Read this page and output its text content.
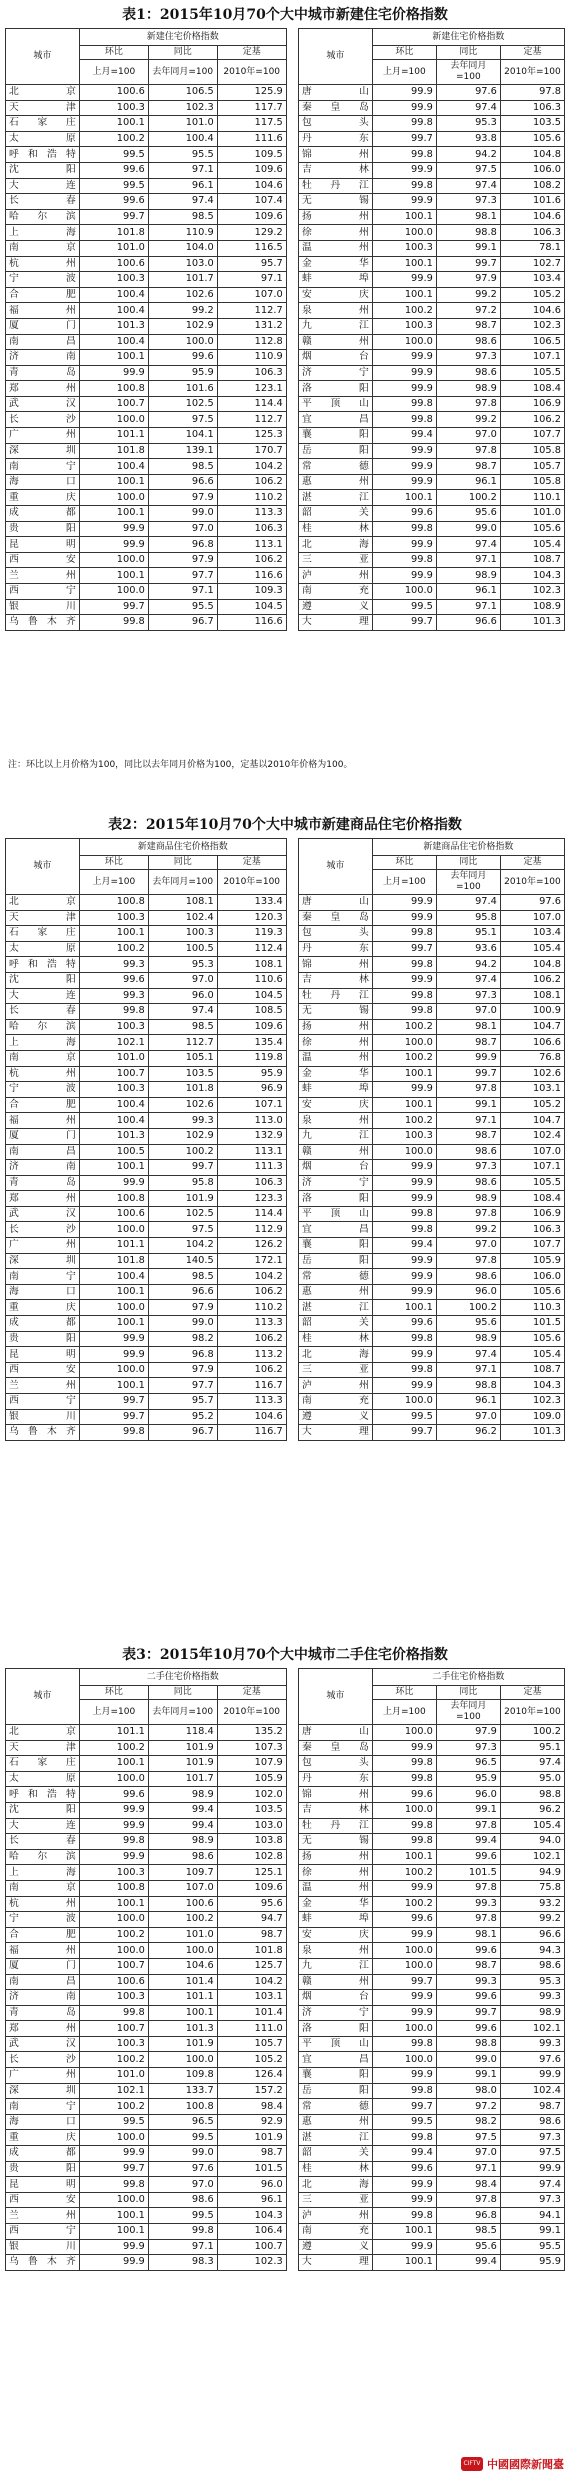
表1：2015年10月70个大中城市新建住宅价格指数
城市	新建住宅价格指数				城市	新建住宅价格指数		
	环比	同比	定基			环比	同比	定基
	上月=100	去年同月=100	2010年=100			上月=100	去年同月=100	2010年=100
北　　京	100.6	106.5	125.9		唐　　山	99.9	97.6	97.8
天　　津	100.3	102.3	117.7		秦 皇 岛	99.9	97.4	106.3
石 家 庄	100.1	101.0	117.5		包　　头	99.8	95.3	103.5
太　　原	100.2	100.4	111.6		丹　　东	99.7	93.8	105.6
呼和浩特	99.5	95.5	109.5		锦　　州	99.8	94.2	104.8
沈　　阳	99.6	97.1	109.6		吉　　林	99.9	97.5	106.0
大　　连	99.5	96.1	104.6		牡 丹 江	99.8	97.4	108.2
长　　春	99.6	97.4	107.4		无　　锡	99.9	97.3	101.6
哈 尔 滨	99.7	98.5	109.6		扬　　州	100.1	98.1	104.6
上　　海	101.8	110.9	129.2		徐　　州	100.0	98.8	106.3
南　　京	101.0	104.0	116.5		温　　州	100.3	99.1	78.1
杭　　州	100.6	103.0	95.7		金　　华	100.1	99.7	102.7
宁　　波	100.3	101.7	97.1		蚌　　埠	99.9	97.9	103.4
合　　肥	100.4	102.6	107.0		安　　庆	100.1	99.2	105.2
福　　州	100.4	99.2	112.7		泉　　州	100.2	97.2	104.6
厦　　门	101.3	102.9	131.2		九　　江	100.3	98.7	102.3
南　　昌	100.4	100.0	112.8		赣　　州	100.0	98.6	106.5
济　　南	100.1	99.6	110.9		烟　　台	99.9	97.3	107.1
青　　岛	99.9	95.9	106.3		济　　宁	99.9	98.6	105.5
郑　　州	100.8	101.6	123.1		洛　　阳	99.9	98.9	108.4
武　　汉	100.7	102.5	114.4		平 顶 山	99.8	97.8	106.9
长　　沙	100.0	97.5	112.7		宜　　昌	99.8	99.2	106.2
广　　州	101.1	104.1	125.3		襄　　阳	99.4	97.0	107.7
深　　圳	101.8	139.1	170.7		岳　　阳	99.9	97.8	105.8
南　　宁	100.4	98.5	104.2		常　　德	99.9	98.7	105.7
海　　口	100.1	96.6	106.2		惠　　州	99.9	96.1	105.8
重　　庆	100.0	97.9	110.2		湛　　江	100.1	100.2	110.1
成　　都	100.1	99.0	113.3		韶　　关	99.6	95.6	101.0
贵　　阳	99.9	97.0	106.3		桂　　林	99.8	99.0	105.6
昆　　明	99.9	96.8	113.1		北　　海	99.9	97.4	105.4
西　　安	100.0	97.9	106.2		三　　亚	99.8	97.1	108.7
兰　　州	100.1	97.7	116.6		泸　　州	99.9	98.9	104.3
西　　宁	100.0	97.1	109.3		南　　充	100.0	96.1	102.3
银　　川	99.7	95.5	104.5		遵　　义	99.5	97.1	108.9
乌鲁木齐	99.8	96.7	116.6		大　　理	99.7	96.6	101.3
注：环比以上月价格为100，同比以去年同月价格为100，定基以2010年价格为100。
表2：2015年10月70个大中城市新建商品住宅价格指数
城市	新建商品住宅价格指数				城市	新建商品住宅价格指数		
	环比	同比	定基			环比	同比	定基
	上月=100	去年同月=100	2010年=100			上月=100	去年同月=100	2010年=100
北　　京	100.8	108.1	133.4		唐　　山	99.9	97.4	97.6
天　　津	100.3	102.4	120.3		秦 皇 岛	99.9	95.8	107.0
石 家 庄	100.1	100.3	119.3		包　　头	99.8	95.1	103.4
太　　原	100.2	100.5	112.4		丹　　东	99.7	93.6	105.4
呼和浩特	99.3	95.3	108.1		锦　　州	99.8	94.2	104.8
沈　　阳	99.6	97.0	110.6		吉　　林	99.9	97.4	106.2
大　　连	99.3	96.0	104.5		牡 丹 江	99.8	97.3	108.1
长　　春	99.8	97.4	108.5		无　　锡	99.8	97.0	100.9
哈 尔 滨	100.3	98.5	109.6		扬　　州	100.2	98.1	104.7
上　　海	102.1	112.7	135.4		徐　　州	100.0	98.7	106.6
南　　京	101.0	105.1	119.8		温　　州	100.2	99.9	76.8
杭　　州	100.7	103.5	95.9		金　　华	100.1	99.7	102.6
宁　　波	100.3	101.8	96.9		蚌　　埠	99.9	97.8	103.1
合　　肥	100.4	102.6	107.1		安　　庆	100.1	99.1	105.2
福　　州	100.4	99.3	113.0		泉　　州	100.2	97.1	104.7
厦　　门	101.3	102.9	132.9		九　　江	100.3	98.7	102.4
南　　昌	100.5	100.2	113.1		赣　　州	100.0	98.6	107.0
济　　南	100.1	99.7	111.3		烟　　台	99.9	97.3	107.1
青　　岛	99.9	95.8	106.3		济　　宁	99.9	98.6	105.5
郑　　州	100.8	101.9	123.3		洛　　阳	99.9	98.9	108.4
武　　汉	100.6	102.5	114.4		平 顶 山	99.8	97.8	106.9
长　　沙	100.0	97.5	112.9		宜　　昌	99.8	99.2	106.3
广　　州	101.1	104.2	126.2		襄　　阳	99.4	97.0	107.7
深　　圳	101.8	140.5	172.1		岳　　阳	99.9	97.8	105.9
南　　宁	100.4	98.5	104.2		常　　德	99.9	98.6	106.0
海　　口	100.1	96.6	106.2		惠　　州	99.9	96.0	105.6
重　　庆	100.0	97.9	110.2		湛　　江	100.1	100.2	110.3
成　　都	100.1	99.0	113.3		韶　　关	99.6	95.6	101.5
贵　　阳	99.9	98.2	106.2		桂　　林	99.8	98.9	105.6
昆　　明	99.9	96.8	113.2		北　　海	99.9	97.4	105.4
西　　安	100.0	97.9	106.2		三　　亚	99.8	97.1	108.7
兰　　州	100.1	97.7	116.7		泸　　州	99.9	98.8	104.3
西　　宁	99.7	95.7	113.3		南　　充	100.0	96.1	102.3
银　　川	99.7	95.2	104.6		遵　　义	99.5	97.0	109.0
乌鲁木齐	99.8	96.7	116.7		大　　理	99.7	96.2	101.3
表3：2015年10月70个大中城市二手住宅价格指数
城市	二手住宅价格指数				城市	二手住宅价格指数		
	环比	同比	定基			环比	同比	定基
	上月=100	去年同月=100	2010年=100			上月=100	去年同月=100	2010年=100
北　　京	101.1	118.4	135.2		唐　　山	100.0	97.9	100.2
天　　津	100.2	101.9	107.3		秦 皇 岛	99.9	97.3	95.1
石 家 庄	100.1	101.9	107.9		包　　头	99.8	96.5	97.4
太　　原	100.0	101.7	105.9		丹　　东	99.8	95.9	95.0
呼和浩特	99.6	98.9	102.0		锦　　州	99.6	96.0	98.8
沈　　阳	99.9	99.4	103.5		吉　　林	100.0	99.1	96.2
大　　连	99.9	99.4	103.0		牡 丹 江	99.8	97.8	105.4
长　　春	99.8	98.9	103.8		无　　锡	99.8	99.4	94.0
哈 尔 滨	99.9	98.6	102.8		扬　　州	100.1	99.6	102.1
上　　海	100.3	109.7	125.1		徐　　州	100.2	101.5	94.9
南　　京	100.8	107.0	109.6		温　　州	99.9	97.8	75.8
杭　　州	100.1	100.6	95.6		金　　华	100.2	99.3	93.2
宁　　波	100.0	100.2	94.7		蚌　　埠	99.6	97.8	99.2
合　　肥	100.2	101.0	98.7		安　　庆	99.9	98.1	96.6
福　　州	100.0	100.0	101.8		泉　　州	100.0	99.6	94.3
厦　　门	100.7	104.6	125.7		九　　江	100.0	98.7	98.6
南　　昌	100.6	101.4	104.2		赣　　州	99.7	99.3	95.3
济　　南	100.3	101.1	103.1		烟　　台	99.9	99.6	99.3
青　　岛	99.8	100.1	101.4		济　　宁	99.9	99.7	98.9
郑　　州	100.7	101.3	111.0		洛　　阳	100.0	99.6	102.1
武　　汉	100.3	101.9	105.7		平 顶 山	99.8	98.8	99.3
长　　沙	100.2	100.0	105.2		宜　　昌	100.0	99.0	97.6
广　　州	101.0	109.8	126.4		襄　　阳	99.9	99.1	99.9
深　　圳	102.1	133.7	157.2		岳　　阳	99.8	98.0	102.4
南　　宁	100.2	100.8	98.4		常　　德	99.7	97.2	98.7
海　　口	99.5	96.5	92.9		惠　　州	99.5	98.2	98.6
重　　庆	100.0	99.5	101.9		湛　　江	99.8	97.5	97.3
成　　都	99.9	99.0	98.7		韶　　关	99.4	97.0	97.5
贵　　阳	99.7	97.6	101.5		桂　　林	99.6	97.1	99.9
昆　　明	99.8	97.0	96.0		北　　海	99.9	98.4	97.4
西　　安	100.0	98.6	96.1		三　　亚	99.9	97.8	97.3
兰　　州	100.1	99.5	104.3		泸　　州	99.8	96.8	94.1
西　　宁	100.1	99.8	106.4		南　　充	100.1	98.5	99.1
银　　川	99.9	97.1	100.7		遵　　义	99.9	95.6	95.5
乌鲁木齐	99.9	98.3	102.3		大　　理	100.1	99.4	95.9
CIFTV 中國國際新聞臺
